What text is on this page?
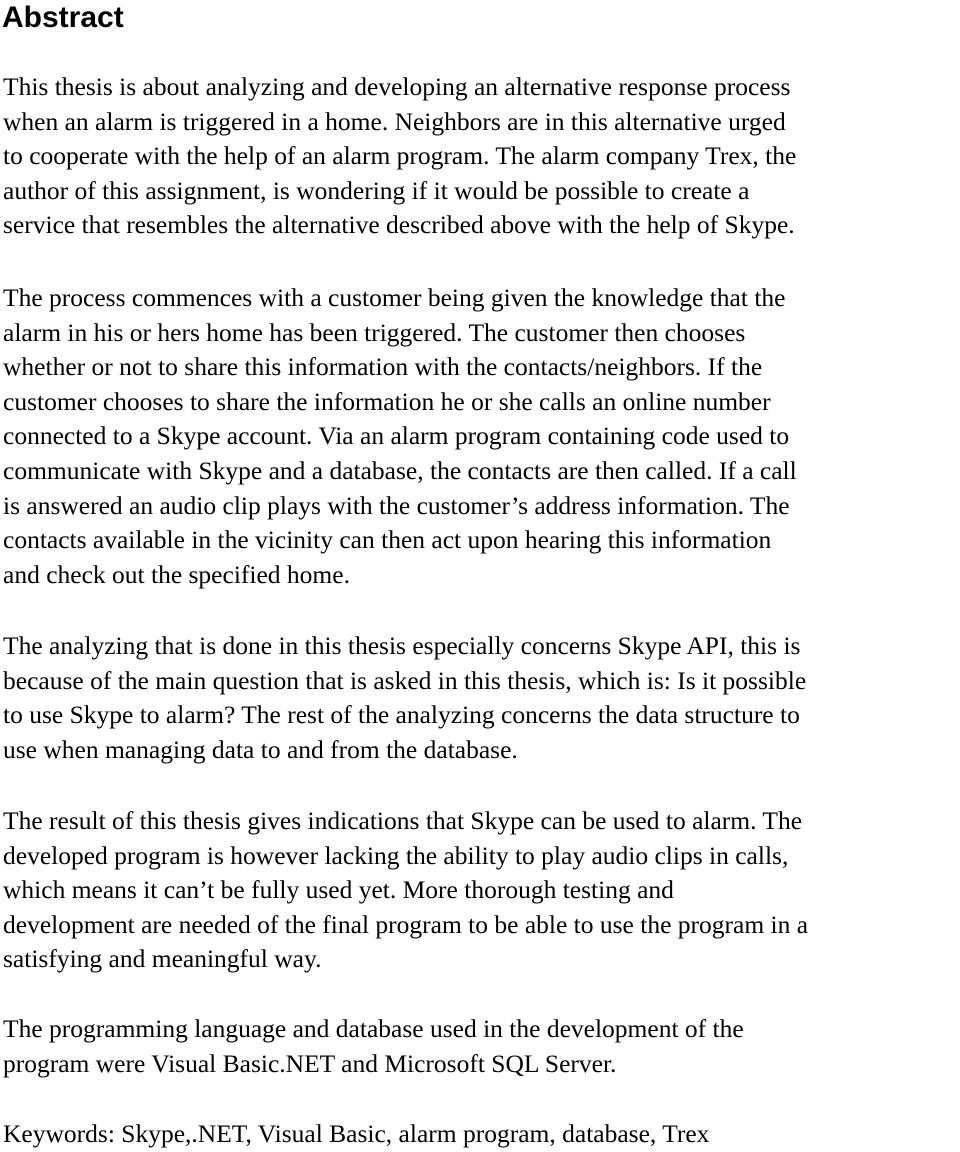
Abstract

This thesis is about analyzing and developing an alternative response process
when an alarm is triggered in a home. Neighbors are in this alternative urged
to cooperate with the help of an alarm program. The alarm company Trex, the
author of this assignment, is wondering if it would be possible to create a
service that resembles the alternative described above with the help of Skype.

The process commences with a customer being given the knowledge that the
alarm in his or hers home has been triggered. The customer then chooses
whether or not to share this information with the contacts/neighbors. If the
customer chooses to share the information he or she calls an online number
connected to a Skype account. Via an alarm program containing code used to
communicate with Skype and a database, the contacts are then called. If a call
is answered an audio clip plays with the customer’s address information. The
contacts available in the vicinity can then act upon hearing this information
and check out the specified home.

The analyzing that is done in this thesis especially concerns Skype API, this is
because of the main question that is asked in this thesis, which is: Is it possible
to use Skype to alarm? The rest of the analyzing concerns the data structure to
use when managing data to and from the database.

The result of this thesis gives indications that Skype can be used to alarm. The
developed program is however lacking the ability to play audio clips in calls,
which means it can’t be fully used yet. More thorough testing and
development are needed of the final program to be able to use the program in a
satisfying and meaningful way.

The programming language and database used in the development of the
program were Visual Basic.NET and Microsoft SQL Server.

Keywords: Skype,.NET, Visual Basic, alarm program, database, Trex
